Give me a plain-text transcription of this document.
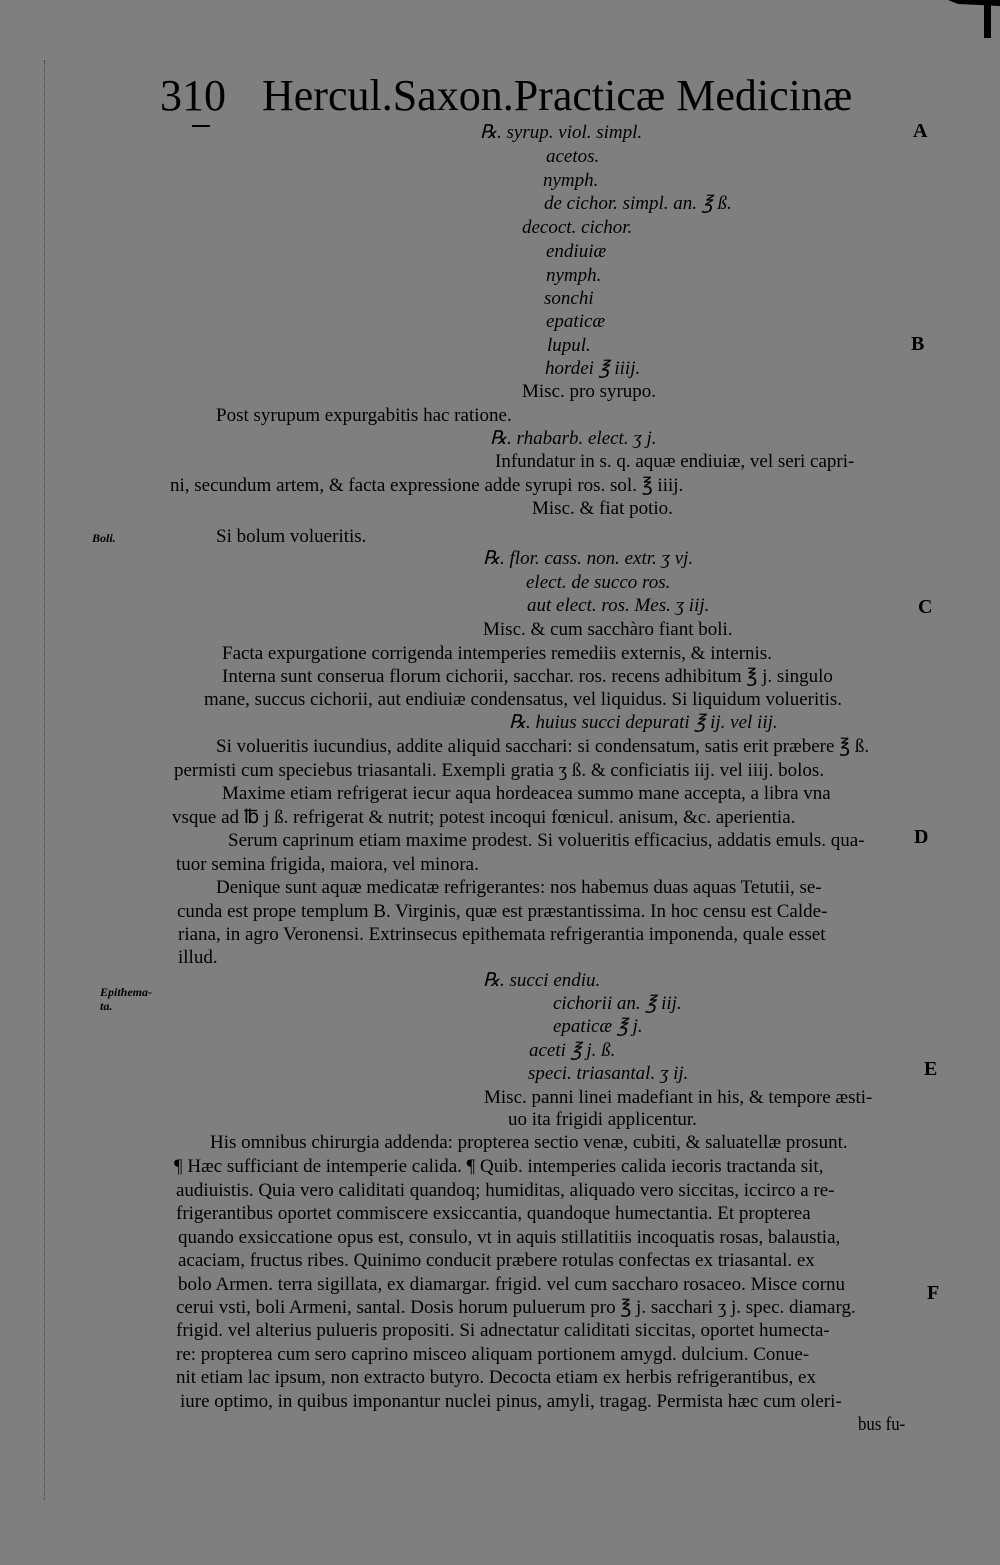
310 Hercul.Saxon.Practicæ Medicinæ
A
B
C
D
E
F
Boli.
Epithema-ta.
℞. syrup. viol. simpl.
acetos.
nymph.
de cichor. simpl. an. ℥ ß.
decoct. cichor.
endiuiæ
nymph.
sonchi
epaticæ
lupul.
hordei ℥ iiij.
Misc. pro syrupo.
Post syrupum expurgabitis hac ratione.
℞. rhabarb. elect. ʒ j.
Infundatur in s. q. aquæ endiuiæ, vel seri capri-
ni, secundum artem, & facta expressione adde syrupi ros. sol. ℥ iiij.
Misc. & fiat potio.
Si bolum volueritis.
℞. flor. cass. non. extr. ʒ vj.
elect. de succo ros.
aut elect. ros. Mes. ʒ iij.
Misc. & cum sacchàro fiant boli.
Facta expurgatione corrigenda intemperies remediis externis, & internis.
Interna sunt conserua florum cichorii, sacchar. ros. recens adhibitum ℥ j. singulo
mane, succus cichorii, aut endiuiæ condensatus, vel liquidus. Si liquidum volueritis.
℞. huius succi depurati ℥ ij. vel iij.
Si volueritis iucundius, addite aliquid sacchari: si condensatum, satis erit præbere ℥ ß.
permisti cum speciebus triasantali. Exempli gratia ʒ ß. & conficiatis iij. vel iiij. bolos.
Maxime etiam refrigerat iecur aqua hordeacea summo mane accepta, a libra vna
vsque ad ℔ j ß. refrigerat & nutrit; potest incoqui fœnicul. anisum, &c. aperientia.
Serum caprinum etiam maxime prodest. Si volueritis efficacius, addatis emuls. qua-
tuor semina frigida, maiora, vel minora.
Denique sunt aquæ medicatæ refrigerantes: nos habemus duas aquas Tetutii, se-
cunda est prope templum B. Virginis, quæ est præstantissima. In hoc censu est Calde-
riana, in agro Veronensi. Extrinsecus epithemata refrigerantia imponenda, quale esset
illud.
℞. succi endiu.
cichorii an. ℥ iij.
epaticæ ℥ j.
aceti ℥ j. ß.
speci. triasantal. ʒ ij.
Misc. panni linei madefiant in his, & tempore æsti-
uo ita frigidi applicentur.
His omnibus chirurgia addenda: propterea sectio venæ, cubiti, & saluatellæ prosunt.
¶ Hæc sufficiant de intemperie calida. ¶ Quib. intemperies calida iecoris tractanda sit,
audiuistis. Quia vero caliditati quandoq; humiditas, aliquado vero siccitas, iccirco a re-
frigerantibus oportet commiscere exsiccantia, quandoque humectantia. Et propterea
quando exsiccatione opus est, consulo, vt in aquis stillatitiis incoquatis rosas, balaustia,
acaciam, fructus ribes. Quinimo conducit præbere rotulas confectas ex triasantal. ex
bolo Armen. terra sigillata, ex diamargar. frigid. vel cum saccharo rosaceo. Misce cornu
cerui vsti, boli Armeni, santal. Dosis horum puluerum pro ℥ j. sacchari ʒ j. spec. diamarg.
frigid. vel alterius pulueris propositi. Si adnectatur caliditati siccitas, oportet humecta-
re: propterea cum sero caprino misceo aliquam portionem amygd. dulcium. Conue-
nit etiam lac ipsum, non extracto butyro. Decocta etiam ex herbis refrigerantibus, ex
iure optimo, in quibus imponantur nuclei pinus, amyli, tragag. Permista hæc cum oleri-
bus fu-
